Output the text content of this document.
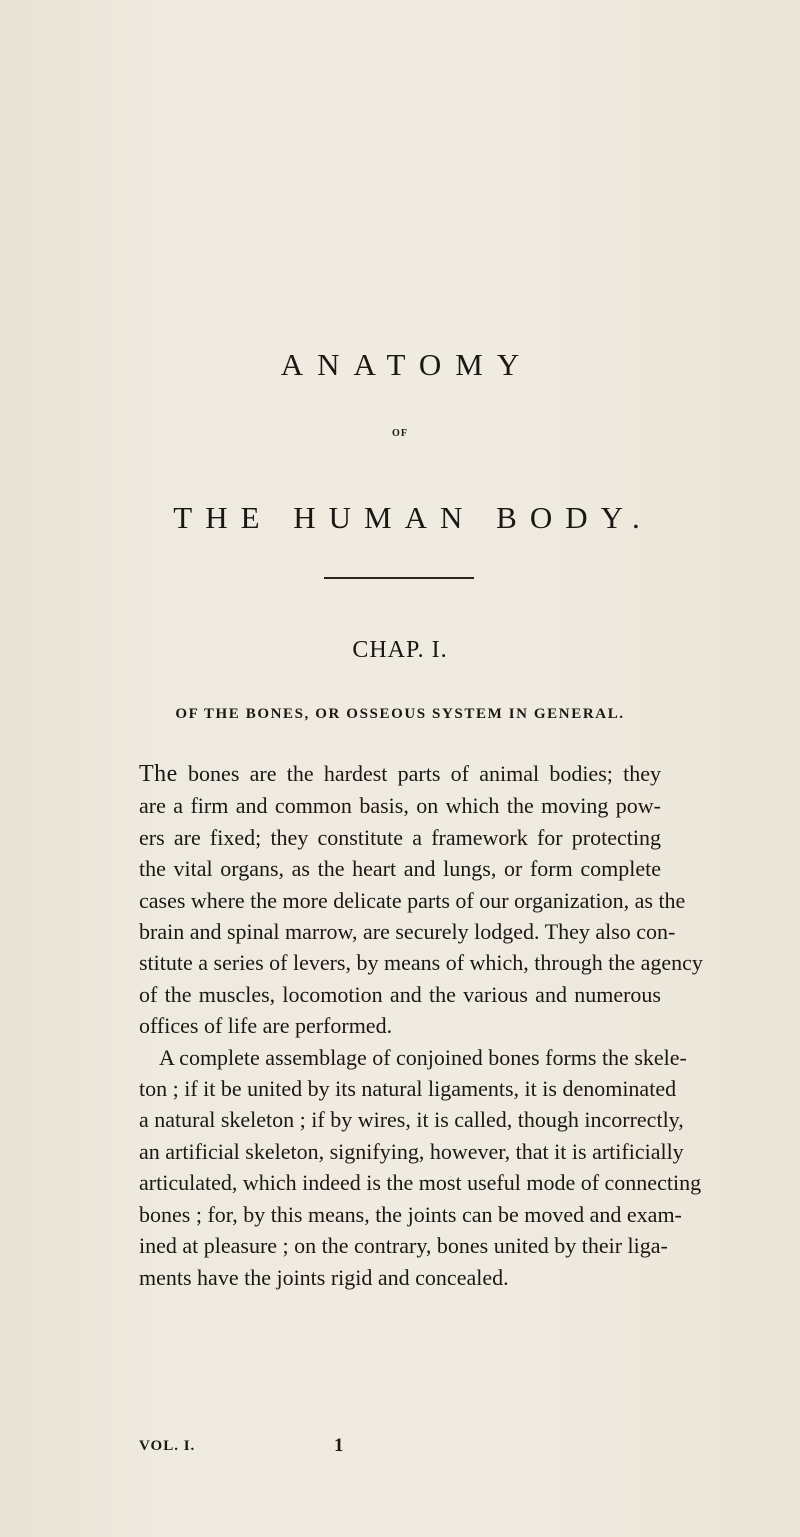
ANATOMY
OF
THE HUMAN BODY.
CHAP. I.
OF THE BONES, OR OSSEOUS SYSTEM IN GENERAL.
The bones are the hardest parts of animal bodies; they
are a firm and common basis, on which the moving pow-
ers are fixed; they constitute a framework for protecting
the vital organs, as the heart and lungs, or form complete
cases where the more delicate parts of our organization, as the
brain and spinal marrow, are securely lodged. They also con-
stitute a series of levers, by means of which, through the agency
of the muscles, locomotion and the various and numerous
offices of life are performed.
A complete assemblage of conjoined bones forms the skele-
ton ; if it be united by its natural ligaments, it is denominated
a natural skeleton ; if by wires, it is called, though incorrectly,
an artificial skeleton, signifying, however, that it is artificially
articulated, which indeed is the most useful mode of connecting
bones ; for, by this means, the joints can be moved and exam-
ined at pleasure ; on the contrary, bones united by their liga-
ments have the joints rigid and concealed.
VOL. I.	1
